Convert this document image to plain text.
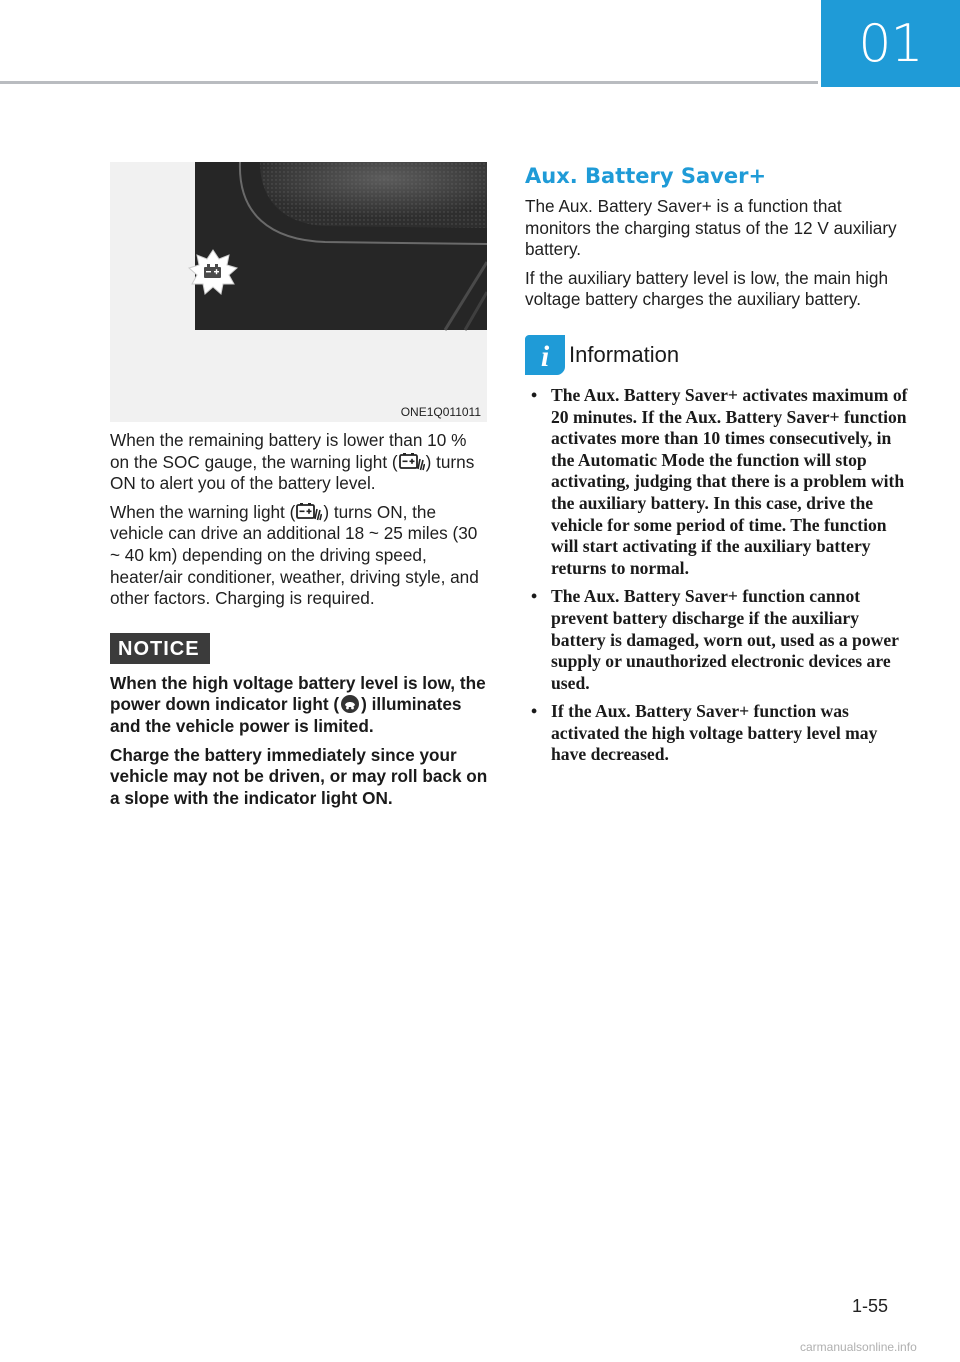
01
ONE1Q011011

When the remaining battery is lower than 10 % on the SOC gauge, the warning light ( ) turns ON to alert you of the battery level.

When the warning light ( ) turns ON, the vehicle can drive an additional 18 ~ 25 miles (30 ~ 40 km) depending on the driving speed, heater/air conditioner, weather, driving style, and other factors. Charging is required.

NOTICE

When the high voltage battery level is low, the power down indicator light ( ) illuminates and the vehicle power is limited.

Charge the battery immediately since your vehicle may not be driven, or may roll back on a slope with the indicator light ON.

Aux. Battery Saver+

The Aux. Battery Saver+ is a function that monitors the charging status of the 12 V auxiliary battery.

If the auxiliary battery level is low, the main high voltage battery charges the auxiliary battery.

i Information
• The Aux. Battery Saver+ activates maximum of 20 minutes. If the Aux. Battery Saver+ function activates more than 10 times consecutively, in the Automatic Mode the function will stop activating, judging that there is a problem with the auxiliary battery. In this case, drive the vehicle for some period of time. The function will start activating if the auxiliary battery returns to normal.
• The Aux. Battery Saver+ function cannot prevent battery discharge if the auxiliary battery is damaged, worn out, used as a power supply or unauthorized electronic devices are used.
• If the Aux. Battery Saver+ function was activated the high voltage battery level may have decreased.
1-55
carmanualsonline.info
